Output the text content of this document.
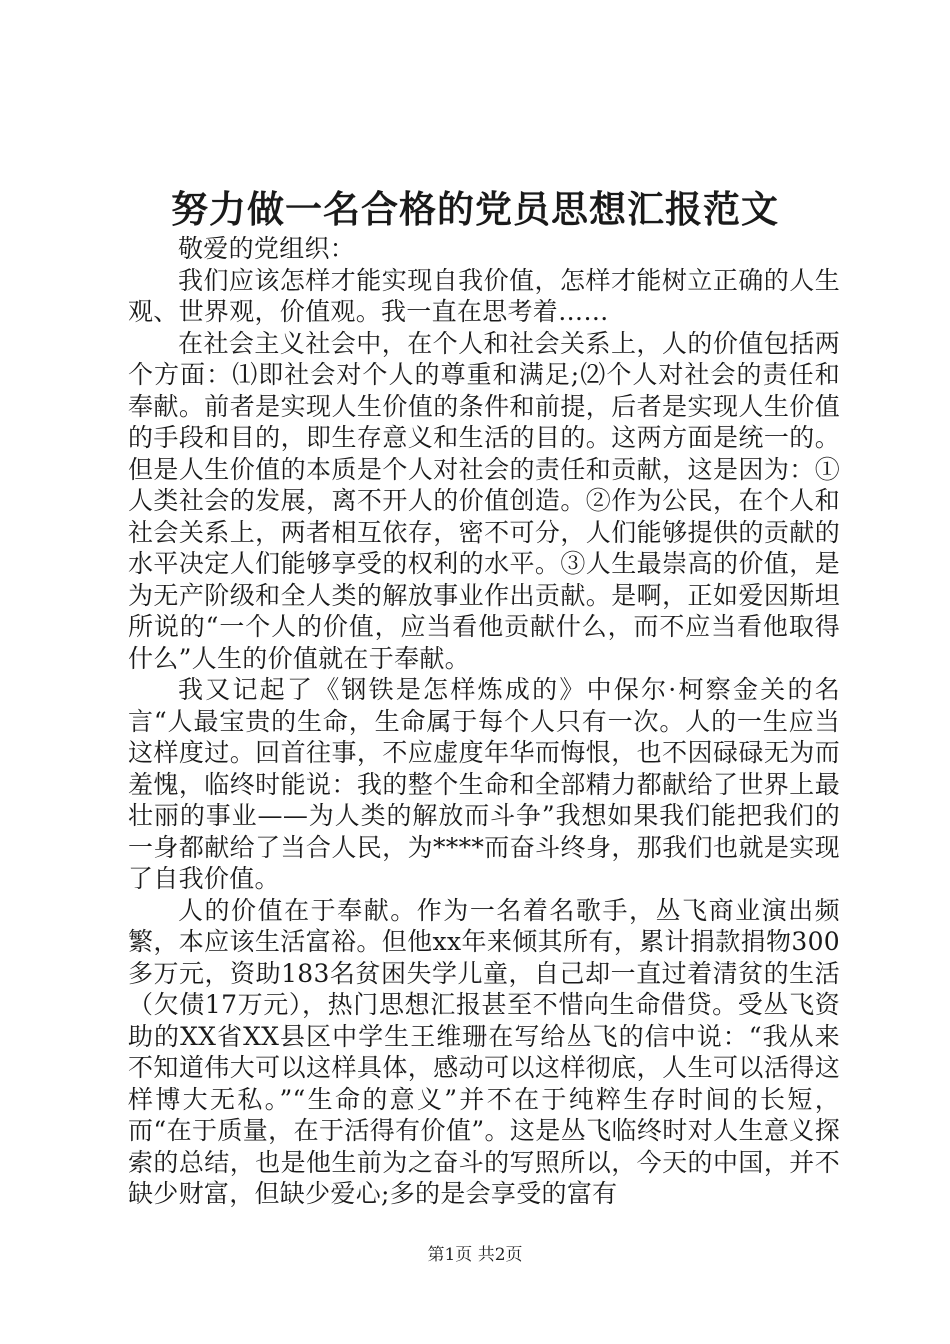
努力做一名合格的党员思想汇报范文

敬爱的党组织：

我们应该怎样才能实现自我价值，怎样才能树立正确的人生观、世界观，价值观。我一直在思考着……

在社会主义社会中，在个人和社会关系上，人的价值包括两个方面：⑴即社会对个人的尊重和满足;⑵个人对社会的责任和奉献。前者是实现人生价值的条件和前提，后者是实现人生价值的手段和目的，即生存意义和生活的目的。这两方面是统一的。但是人生价值的本质是个人对社会的责任和贡献，这是因为：①人类社会的发展，离不开人的价值创造。②作为公民，在个人和社会关系上，两者相互依存，密不可分，人们能够提供的贡献的水平决定人们能够享受的权利的水平。③人生最崇高的价值，是为无产阶级和全人类的解放事业作出贡献。是啊，正如爱因斯坦所说的“一个人的价值，应当看他贡献什么，而不应当看他取得什么”人生的价值就在于奉献。

我又记起了《钢铁是怎样炼成的》中保尔·柯察金关的名言“人最宝贵的生命，生命属于每个人只有一次。人的一生应当这样度过。回首往事，不应虚度年华而悔恨，也不因碌碌无为而羞愧，临终时能说：我的整个生命和全部精力都献给了世界上最壮丽的事业——为人类的解放而斗争”我想如果我们能把我们的一身都献给了当合人民，为****而奋斗终身，那我们也就是实现了自我价值。

人的价值在于奉献。作为一名着名歌手，丛飞商业演出频繁，本应该生活富裕。但他xx年来倾其所有，累计捐款捐物300多万元，资助183名贫困失学儿童，自己却一直过着清贫的生活（欠债17万元），热门思想汇报甚至不惜向生命借贷。受丛飞资助的XX省XX县区中学生王维珊在写给丛飞的信中说：“我从来不知道伟大可以这样具体，感动可以这样彻底，人生可以活得这样博大无私。”“生命的意义”并不在于纯粹生存时间的长短，而“在于质量，在于活得有价值”。这是丛飞临终时对人生意义探索的总结，也是他生前为之奋斗的写照所以，今天的中国，并不缺少财富，但缺少爱心;多的是会享受的富有

第1页 共2页
